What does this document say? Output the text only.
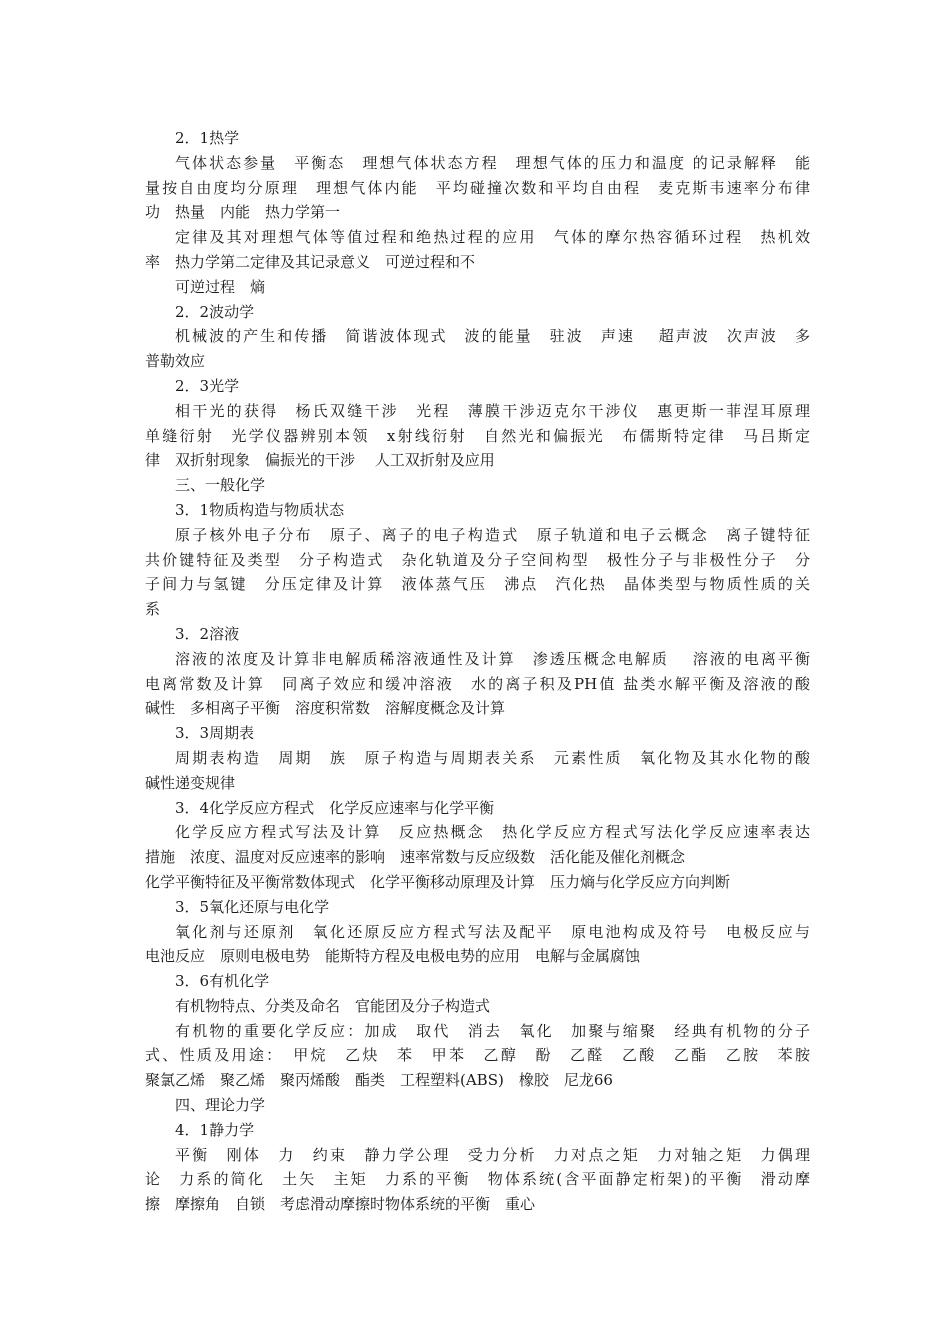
2．1热学
气体状态参量　平衡态　理想气体状态方程　理想气体的压力和温度 的记录解释　能
量按自由度均分原理　理想气体内能　平均碰撞次数和平均自由程　麦克斯韦速率分布律
功　热量　内能　热力学第一
定律及其对理想气体等值过程和绝热过程的应用　气体的摩尔热容循环过程　热机效
率　热力学第二定律及其记录意义　可逆过程和不
可逆过程　熵
2．2波动学
机械波的产生和传播　简谐波体现式　波的能量　驻波　声速　 超声波　次声波　多
普勒效应
2．3光学
相干光的获得　杨氏双缝干涉　光程　薄膜干涉迈克尔干涉仪　惠更斯一菲涅耳原理
单缝衍射　光学仪器辨别本领　x射线衍射　自然光和偏振光　布儒斯特定律　马吕斯定
律　双折射现象　偏振光的干涉　 人工双折射及应用
三、一般化学
3．1物质构造与物质状态
原子核外电子分布　原子、离子的电子构造式　原子轨道和电子云概念　离子键特征
共价键特征及类型　分子构造式　杂化轨道及分子空间构型　极性分子与非极性分子　分
子间力与氢键　分压定律及计算　液体蒸气压　沸点　汽化热　晶体类型与物质性质的关
系
3．2溶液
溶液的浓度及计算非电解质稀溶液通性及计算　渗透压概念电解质　 溶液的电离平衡
电离常数及计算　同离子效应和缓冲溶液　水的离子积及PH值 盐类水解平衡及溶液的酸
碱性　多相离子平衡　溶度积常数　溶解度概念及计算
3．3周期表
周期表构造　周期　族　原子构造与周期表关系　元素性质　氧化物及其水化物的酸
碱性递变规律
3．4化学反应方程式　化学反应速率与化学平衡
化学反应方程式写法及计算　反应热概念　热化学反应方程式写法化学反应速率表达
措施　浓度、温度对反应速率的影响　速率常数与反应级数　活化能及催化剂概念
化学平衡特征及平衡常数体现式　化学平衡移动原理及计算　压力熵与化学反应方向判断
3．5氧化还原与电化学
氧化剂与还原剂　氧化还原反应方程式写法及配平　原电池构成及符号　电极反应与
电池反应　原则电极电势　能斯特方程及电极电势的应用　电解与金属腐蚀
3．6有机化学
有机物特点、分类及命名　官能团及分子构造式
有机物的重要化学反应：加成　取代　消去　氧化　加聚与缩聚　经典有机物的分子
式、性质及用途：　甲烷　乙炔　苯　甲苯　乙醇　酚　乙醛　乙酸　乙酯　乙胺　苯胺
聚氯乙烯　聚乙烯　聚丙烯酸　酯类　工程塑料(ABS)　橡胶　尼龙66
四、理论力学
4．1静力学
平衡　刚体　力　约束　静力学公理　受力分析　力对点之矩　力对轴之矩　力偶理
论　力系的简化　土矢　主矩　力系的平衡　物体系统(含平面静定桁架)的平衡　滑动摩
擦　摩擦角　自锁　考虑滑动摩擦时物体系统的平衡　重心
